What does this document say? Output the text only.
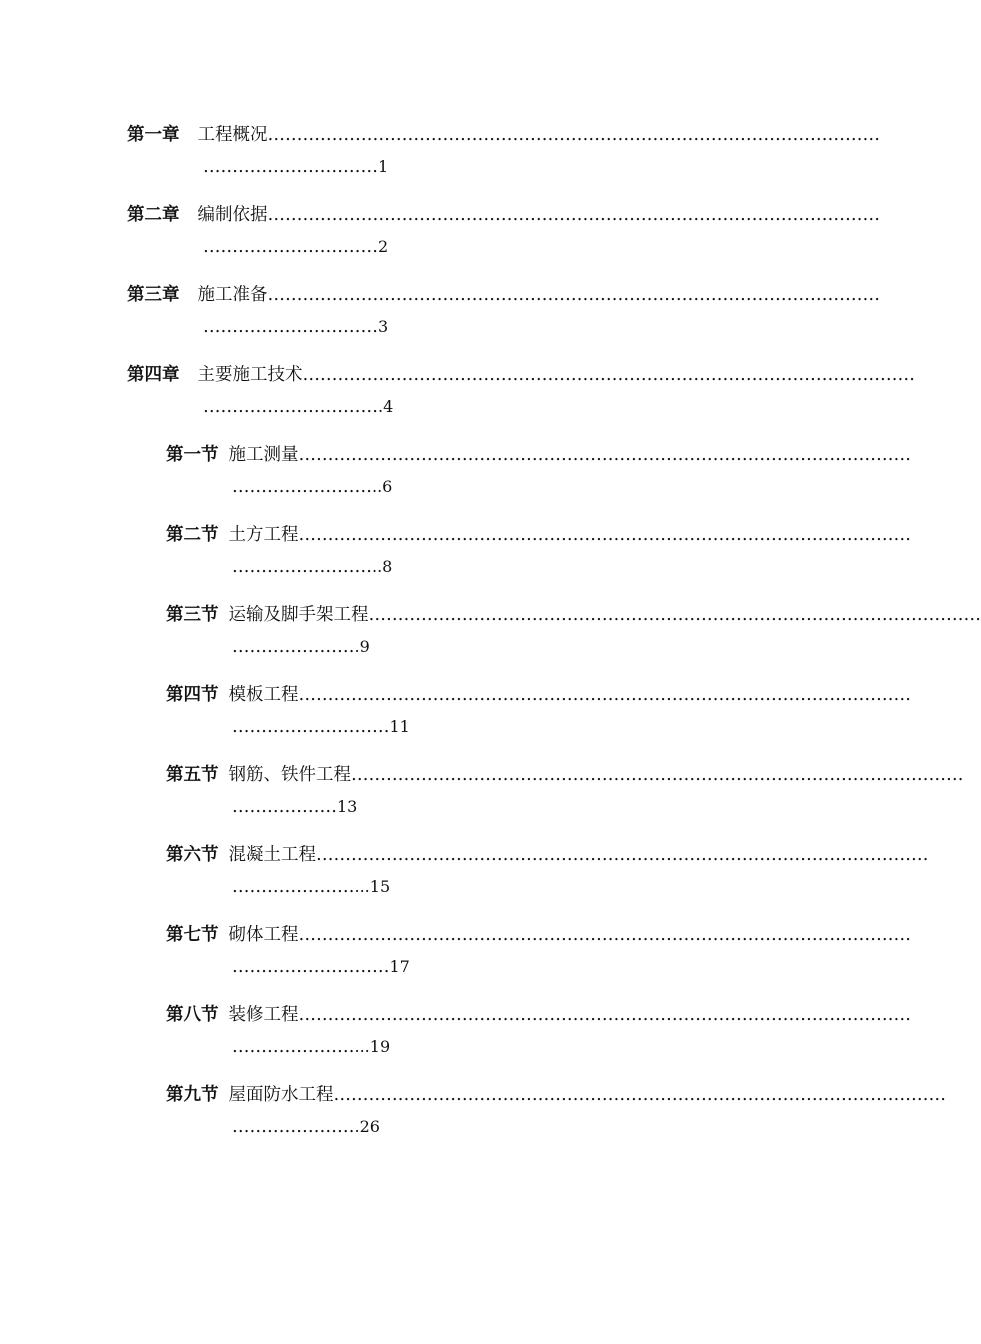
第一章 工程概况……………………………………………………………………………………………
…………………………1
第二章 编制依据……………………………………………………………………………………………
…………………………2
第三章 施工准备……………………………………………………………………………………………
…………………………3
第四章 主要施工技术……………………………………………………………………………………………
………………………….4
第一节 施工测量……………………………………………………………………………………………
……………………..6
第二节 土方工程……………………………………………………………………………………………
……………………..8
第三节 运输及脚手架工程……………………………………………………………………………………………
………………….9
第四节 模板工程……………………………………………………………………………………………
………………………11
第五节 钢筋、铁件工程……………………………………………………………………………………………
………………13
第六节 混凝土工程……………………………………………………………………………………………
…………………...15
第七节 砌体工程……………………………………………………………………………………………
………………………17
第八节 装修工程……………………………………………………………………………………………
…………………...19
第九节 屋面防水工程……………………………………………………………………………………………
………………….26
